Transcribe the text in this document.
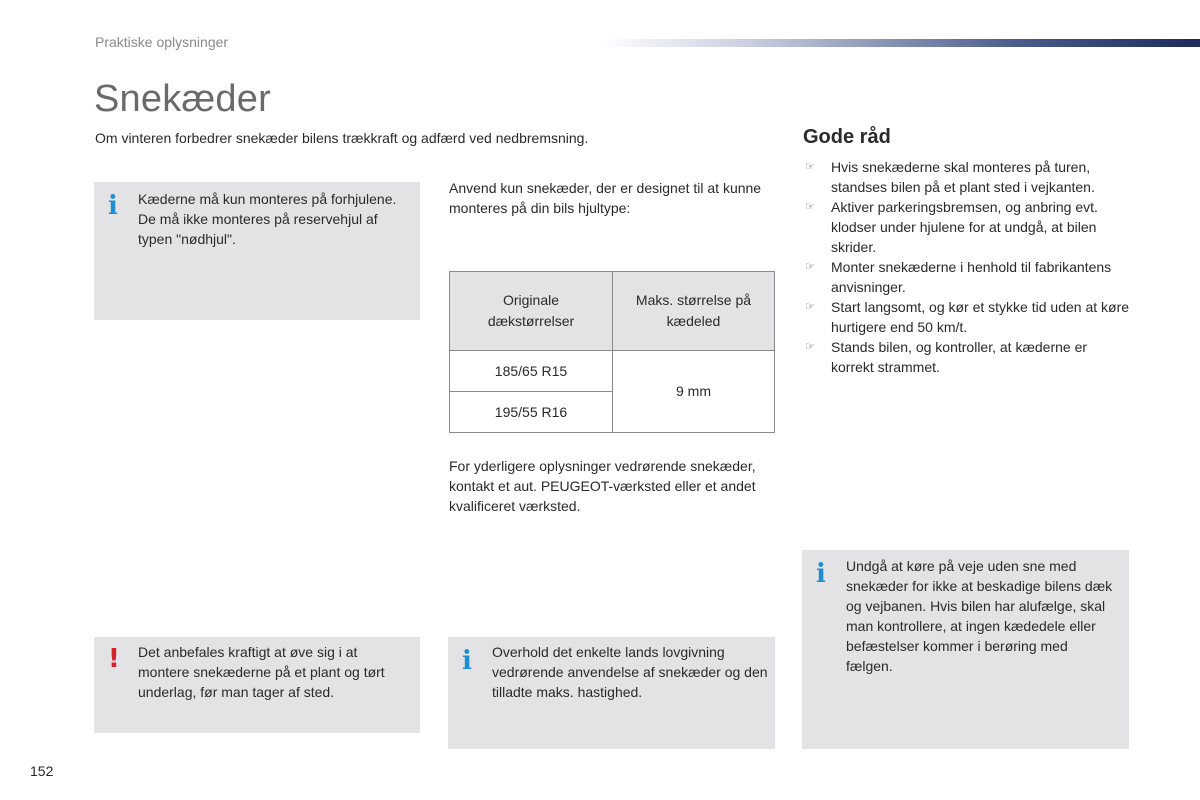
Praktiske oplysninger
Snekæder
Om vinteren forbedrer snekæder bilens trækkraft og adfærd ved nedbremsning.
i Kæderne må kun monteres på forhjulene. De må ikke monteres på reservehjul af typen "nødhjul".
Anvend kun snekæder, der er designet til at kunne monteres på din bils hjultype:
Originale dækstørrelser	Maks. størrelse på kædeled
185/65 R15	9 mm
195/55 R16	
For yderligere oplysninger vedrørende snekæder, kontakt et aut. PEUGEOT-værksted eller et andet kvalificeret værksted.
Gode råd
☞ Hvis snekæderne skal monteres på turen, standses bilen på et plant sted i vejkanten.
☞ Aktiver parkeringsbremsen, og anbring evt. klodser under hjulene for at undgå, at bilen skrider.
☞ Monter snekæderne i henhold til fabrikantens anvisninger.
☞ Start langsomt, og kør et stykke tid uden at køre hurtigere end 50 km/t.
☞ Stands bilen, og kontroller, at kæderne er korrekt strammet.
i Undgå at køre på veje uden sne med snekæder for ikke at beskadige bilens dæk og vejbanen. Hvis bilen har alufælge, skal man kontrollere, at ingen kædedele eller befæstelser kommer i berøring med fælgen.
! Det anbefales kraftigt at øve sig i at montere snekæderne på et plant og tørt underlag, før man tager af sted.
i Overhold det enkelte lands lovgivning vedrørende anvendelse af snekæder og den tilladte maks. hastighed.
152
